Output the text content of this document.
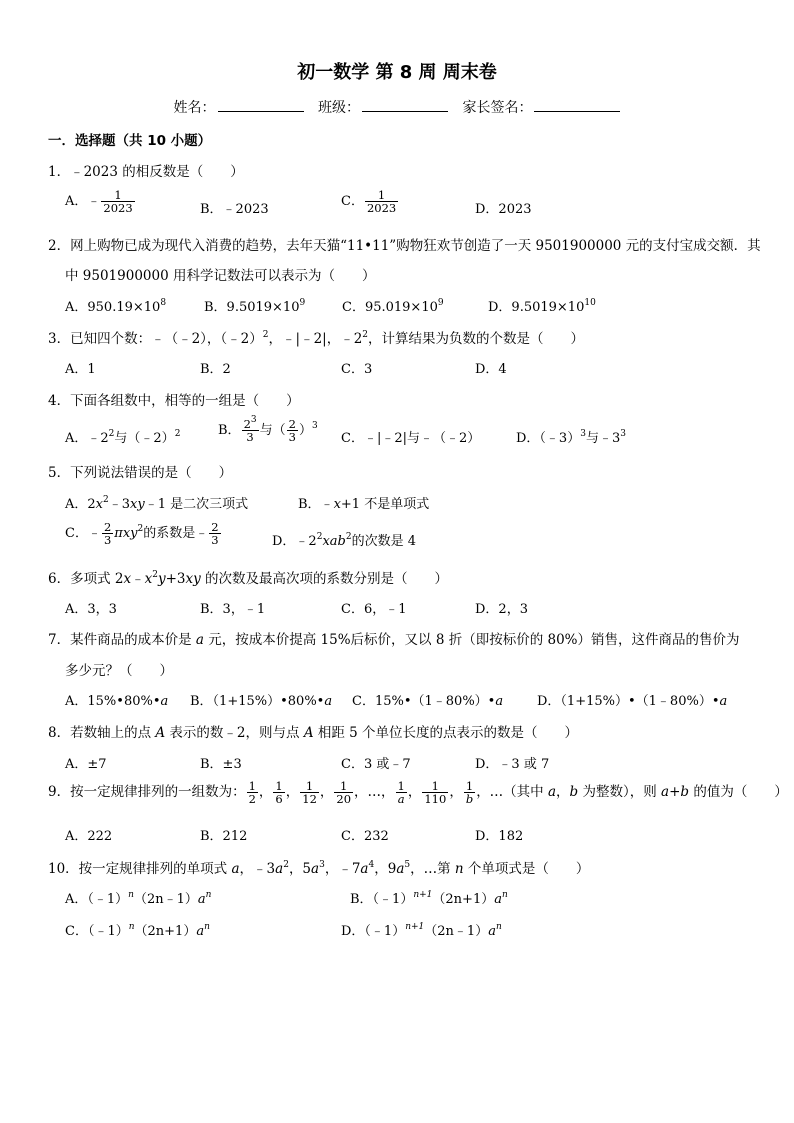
初一数学 第 8 周 周末卷
姓名：	班级：	家长签名：
一．选择题（共 10 小题）
1．﹣2023 的相反数是（　　）
A．﹣ $\frac{1}{2023}$	B．﹣2023
C． $\frac{1}{2023}$	D．2023
2．网上购物已成为现代入消费的趋势，去年天猫“11•11”购物狂欢节创造了一天 9501900000 元的支付宝成交额．其
中 9501900000 用科学记数法可以表示为（　　）
A．$950.19\times 10^8$	B．$9.5019\times 10^9$	C．$95.019\times 10^9$	D．$9.5019\times 10^{10}$
3．已知四个数：﹣（﹣2），（﹣2）$^2$，﹣|﹣2|，$﹣2^2$，计算结果为负数的个数是（　　）
A．1	B．2	C．3	D．4
4．下面各组数中，相等的一组是（　　）
A．$﹣2^2$与（﹣2）$^2$	B． $\frac{2^3}{3}$ 与（ $\frac{2}{3} )^3$
C．﹣|﹣2|与﹣（﹣2）	D．（﹣3）$^3$与$﹣3^3$
5．下列说法错误的是（　　）
A．$2x^2﹣3xy﹣1$ 是二次三项式	B．﹣x+1 不是单项式
C．﹣ $\frac{2}{3} \pi xy^2$的系数是﹣ $\frac{2}{3}$	D．$﹣2^2xab^2$的次数是 4
6．多项式 $2x﹣x^2y+3xy$ 的次数及最高次项的系数分别是（　　）
A．3，3	B．3，﹣1	C．6，﹣1	D．2，3
7．某件商品的成本价是 a 元，按成本价提高 15%后标价，又以 8 折（即按标价的 80%）销售，这件商品的售价为
多少元？（　　）
A．15%•80%•a B．（1+15%）•80%•a C．15%•（1﹣80%）•a	D．（1+15%）•（1﹣80%）•a
8．若数轴上的点 A 表示的数﹣2，则与点 A 相距 5 个单位长度的点表示的数是（　　）
A．±7	B．±3	C．3 或﹣7	D．﹣3 或 7
9．按一定规律排列的一组数为： $\frac{1}{2}$ ， $\frac{1}{6}$ ， $\frac{1}{12}$ ， $\frac{1}{20}$ ，…， $\frac{1}{a}$ ， $\frac{1}{110}$ ， $\frac{1}{b}$ ，…（其中 a，b 为整数），则 a+b 的值为（　　）
A．222	B．212	C．232	D．182
10．按一定规律排列的单项式 a，$﹣3a^2$，$5a^3$，$﹣7a^4$，$9a^5$，…第 n 个单项式是（　　）
A．$(﹣1)^n(2n﹣1)a^n$	B．$(﹣1)^{n+1}(2n+1)a^n$
C．$(﹣1)^n(2n+1)a^n$	D．$(﹣1)^{n+1}(2n﹣1)a^n$
